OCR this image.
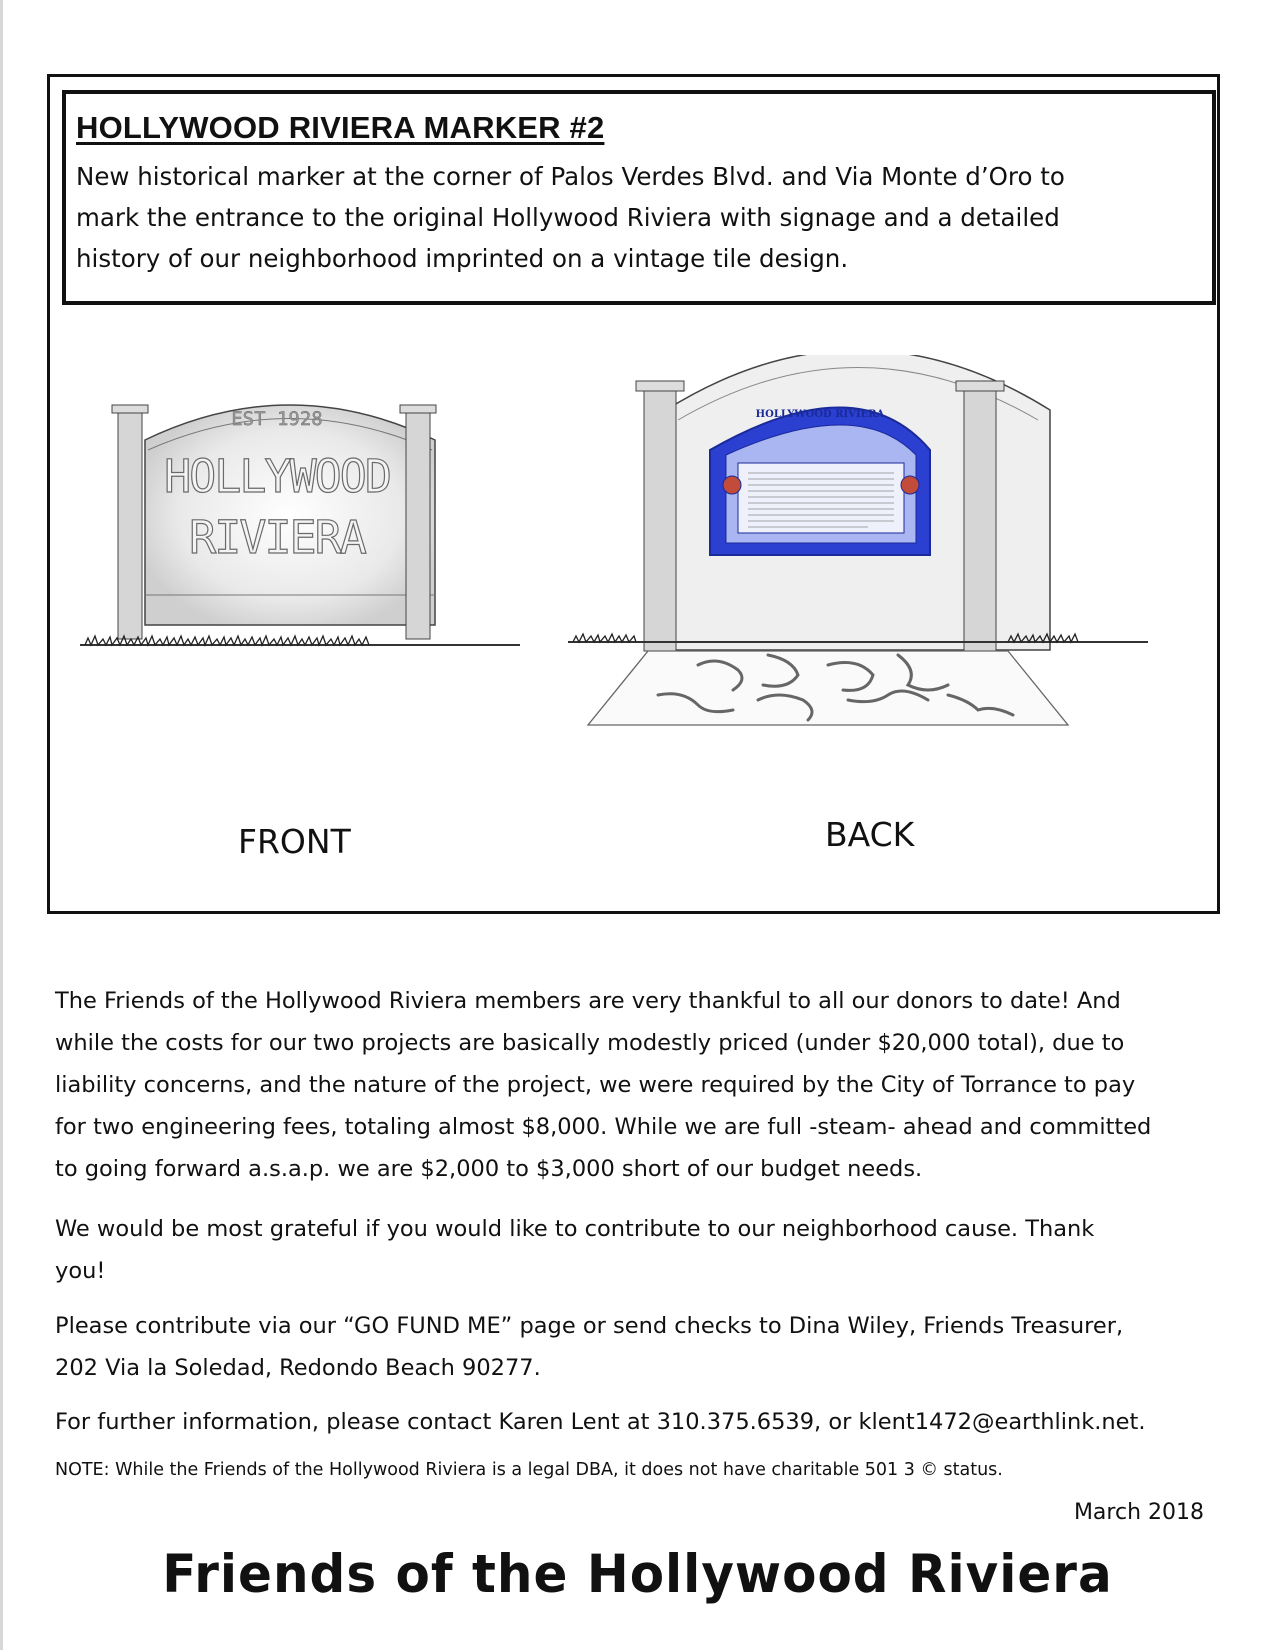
HOLLYWOOD RIVIERA MARKER #2

New historical marker at the corner of Palos Verdes Blvd. and Via Monte d’Oro to
mark the entrance to the original Hollywood Riviera with signage and a detailed
history of our neighborhood imprinted on a vintage tile design.

EST 1928
HOLLYWOOD
RIVIERA
FRONT
HOLLYWOOD RIVIERA
BACK

The Friends of the Hollywood Riviera members are very thankful to all our donors to date! And
while the costs for our two projects are basically modestly priced (under $20,000 total), due to
liability concerns, and the nature of the project, we were required by the City of Torrance to pay
for two engineering fees, totaling almost $8,000. While we are full -steam- ahead and committed
to going forward a.s.a.p. we are $2,000 to $3,000 short of our budget needs.

We would be most grateful if you would like to contribute to our neighborhood cause. Thank
you!

Please contribute via our “GO FUND ME” page or send checks to Dina Wiley, Friends Treasurer,
202 Via la Soledad, Redondo Beach 90277.

For further information, please contact Karen Lent at 310.375.6539, or klent1472@earthlink.net.

NOTE: While the Friends of the Hollywood Riviera is a legal DBA, it does not have charitable 501 3 © status.
March 2018
Friends of the Hollywood Riviera
